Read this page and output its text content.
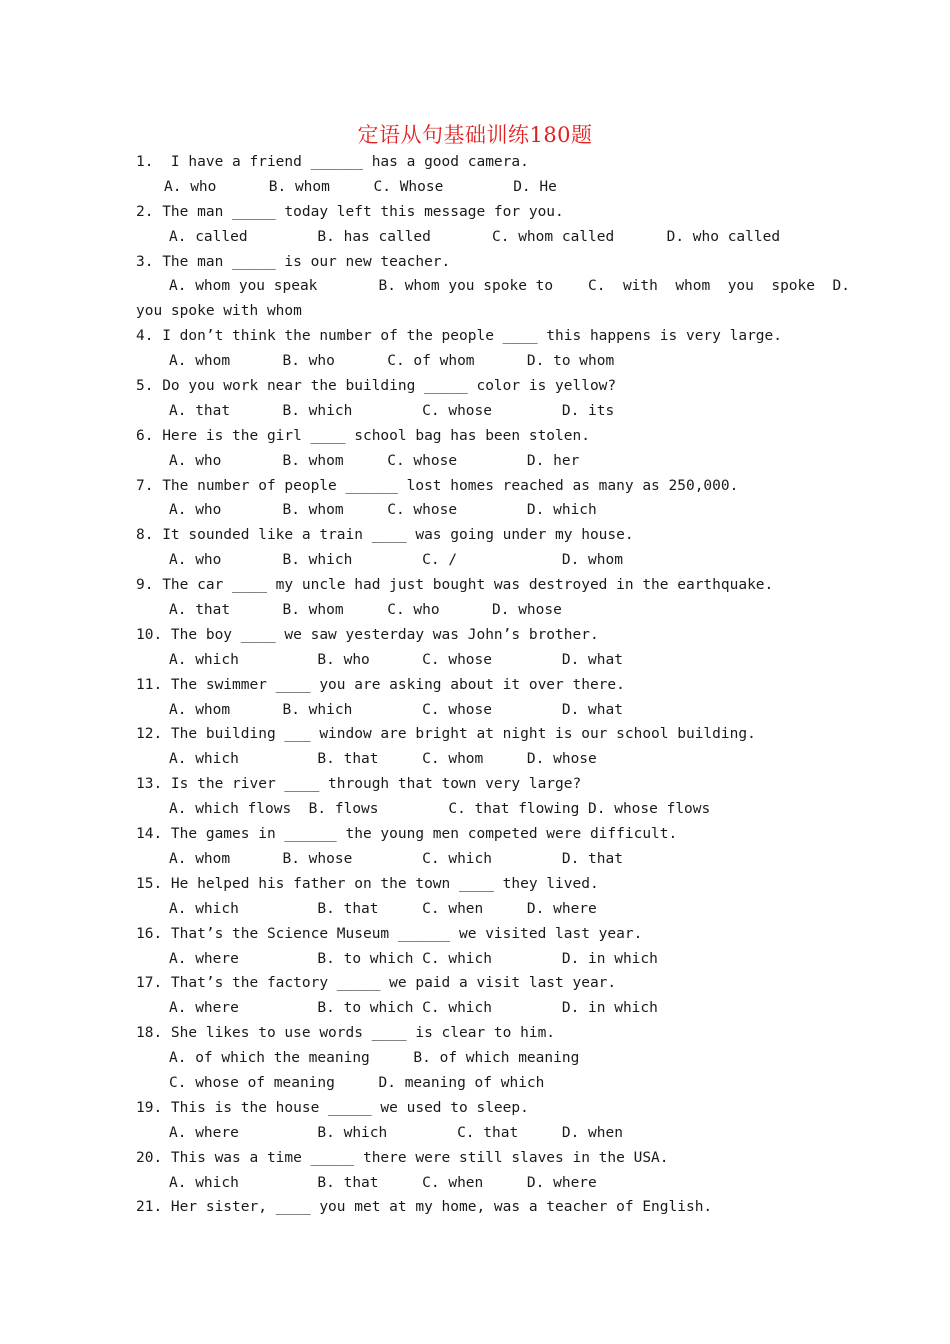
定语从句基础训练180题
1.  I have a friend ______ has a good camera.
A. who      B. whom     C. Whose        D. He
2. The man _____ today left this message for you.
A. called        B. has called       C. whom called      D. who called
3. The man _____ is our new teacher.
A. whom you speak       B. whom you spoke to    C.  with  whom  you  spoke  D.
you spoke with whom
4. I don’t think the number of the people ____ this happens is very large.
A. whom      B. who      C. of whom      D. to whom
5. Do you work near the building _____ color is yellow?
A. that      B. which        C. whose        D. its
6. Here is the girl ____ school bag has been stolen.
A. who       B. whom     C. whose        D. her
7. The number of people ______ lost homes reached as many as 250,000.
A. who       B. whom     C. whose        D. which
8. It sounded like a train ____ was going under my house.
A. who       B. which        C. /            D. whom
9. The car ____ my uncle had just bought was destroyed in the earthquake.
A. that      B. whom     C. who      D. whose
10. The boy ____ we saw yesterday was John’s brother.
A. which         B. who      C. whose        D. what
11. The swimmer ____ you are asking about it over there.
A. whom      B. which        C. whose        D. what
12. The building ___ window are bright at night is our school building.
A. which         B. that     C. whom     D. whose
13. Is the river ____ through that town very large?
A. which flows  B. flows        C. that flowing D. whose flows
14. The games in ______ the young men competed were difficult.
A. whom      B. whose        C. which        D. that
15. He helped his father on the town ____ they lived.
A. which         B. that     C. when     D. where
16. That’s the Science Museum ______ we visited last year.
A. where         B. to which C. which        D. in which
17. That’s the factory _____ we paid a visit last year.
A. where         B. to which C. which        D. in which
18. She likes to use words ____ is clear to him.
A. of which the meaning     B. of which meaning
C. whose of meaning     D. meaning of which
19. This is the house _____ we used to sleep.
A. where         B. which        C. that     D. when
20. This was a time _____ there were still slaves in the USA.
A. which         B. that     C. when     D. where
21. Her sister, ____ you met at my home, was a teacher of English.
